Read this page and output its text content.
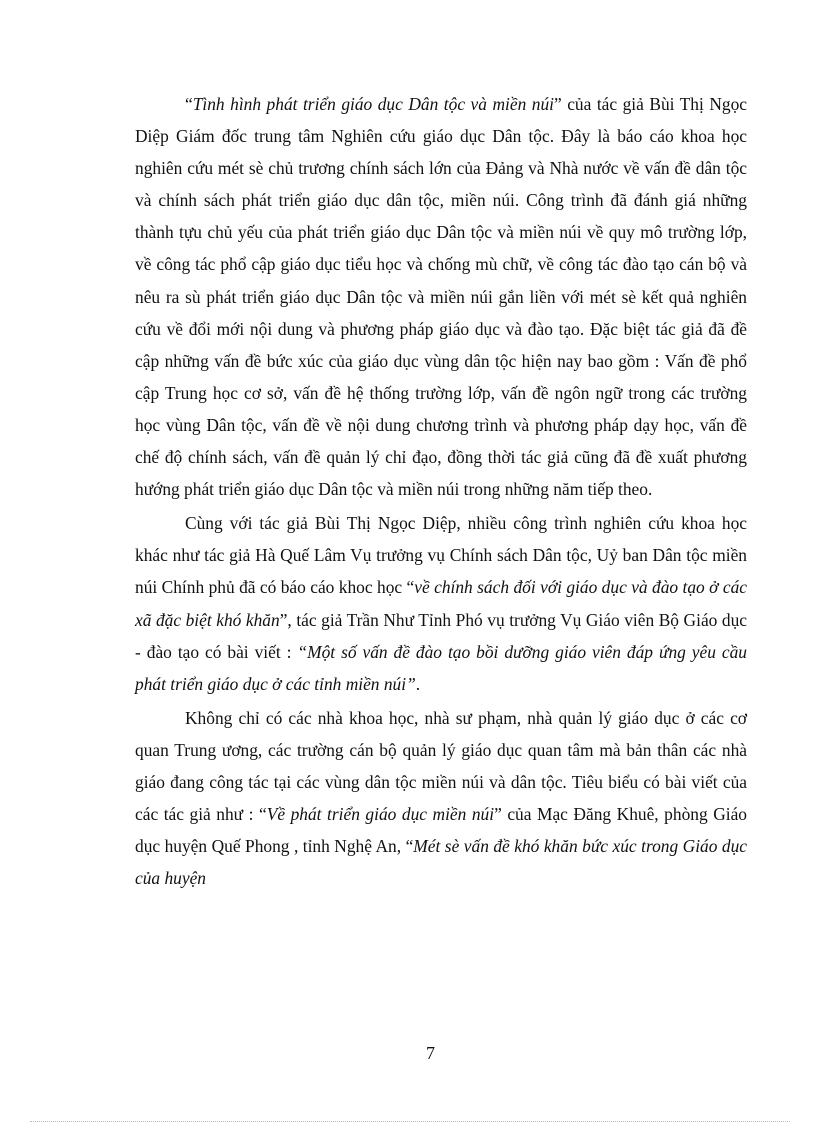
“Tình hình phát triển giáo dục Dân tộc và miền núi” của tác giả Bùi Thị Ngọc Diệp Giám đốc trung tâm Nghiên cứu giáo dục Dân tộc. Đây là báo cáo khoa học nghiên cứu mét sè chủ trương chính sách lớn của Đảng và Nhà nước về vấn đề dân tộc và chính sách phát triển giáo dục dân tộc, miền núi. Công trình đã đánh giá những thành tựu chủ yếu của phát triển giáo dục Dân tộc và miền núi về quy mô trường lớp, về công tác phổ cập giáo dục tiểu học và chống mù chữ, về công tác đào tạo cán bộ và nêu ra sù phát triển giáo dục Dân tộc và miền núi gắn liền với mét sè kết quả nghiên cứu về đổi mới nội dung và phương pháp giáo dục và đào tạo. Đặc biệt tác giả đã đề cập những vấn đề bức xúc của giáo dục vùng dân tộc hiện nay bao gồm : Vấn đề phổ cập Trung học cơ sở, vấn đề hệ thống trường lớp, vấn đề ngôn ngữ trong các trường học vùng Dân tộc, vấn đề về nội dung chương trình và phương pháp dạy học, vấn đề chế độ chính sách, vấn đề quản lý chỉ đạo, đồng thời tác giả cũng đã đề xuất phương hướng phát triển giáo dục Dân tộc và miền núi trong những năm tiếp theo.

Cùng với tác giả Bùi Thị Ngọc Diệp, nhiều công trình nghiên cứu khoa học khác như tác giả Hà Quế Lâm Vụ trưởng vụ Chính sách Dân tộc, Uỷ ban Dân tộc miền núi Chính phủ đã có báo cáo khoc học “về chính sách đối với giáo dục và đào tạo ở các xã đặc biệt khó khăn”, tác giả Trần Như Tỉnh Phó vụ trưởng Vụ Giáo viên Bộ Giáo dục - đào tạo có bài viết : “Một số vấn đề đào tạo bồi dưỡng giáo viên đáp ứng yêu cầu phát triển giáo dục ở các tỉnh miền núi”.

Không chỉ có các nhà khoa học, nhà sư phạm, nhà quản lý giáo dục ở các cơ quan Trung ương, các trường cán bộ quản lý giáo dục quan tâm mà bản thân các nhà giáo đang công tác tại các vùng dân tộc miền núi và dân tộc. Tiêu biểu có bài viết của các tác giả như : “Về phát triển giáo dục miền núi” của Mạc Đăng Khuê, phòng Giáo dục huyện Quế Phong , tỉnh Nghệ An, “Mét sè vấn đề khó khăn bức xúc trong Giáo dục của huyện

7
